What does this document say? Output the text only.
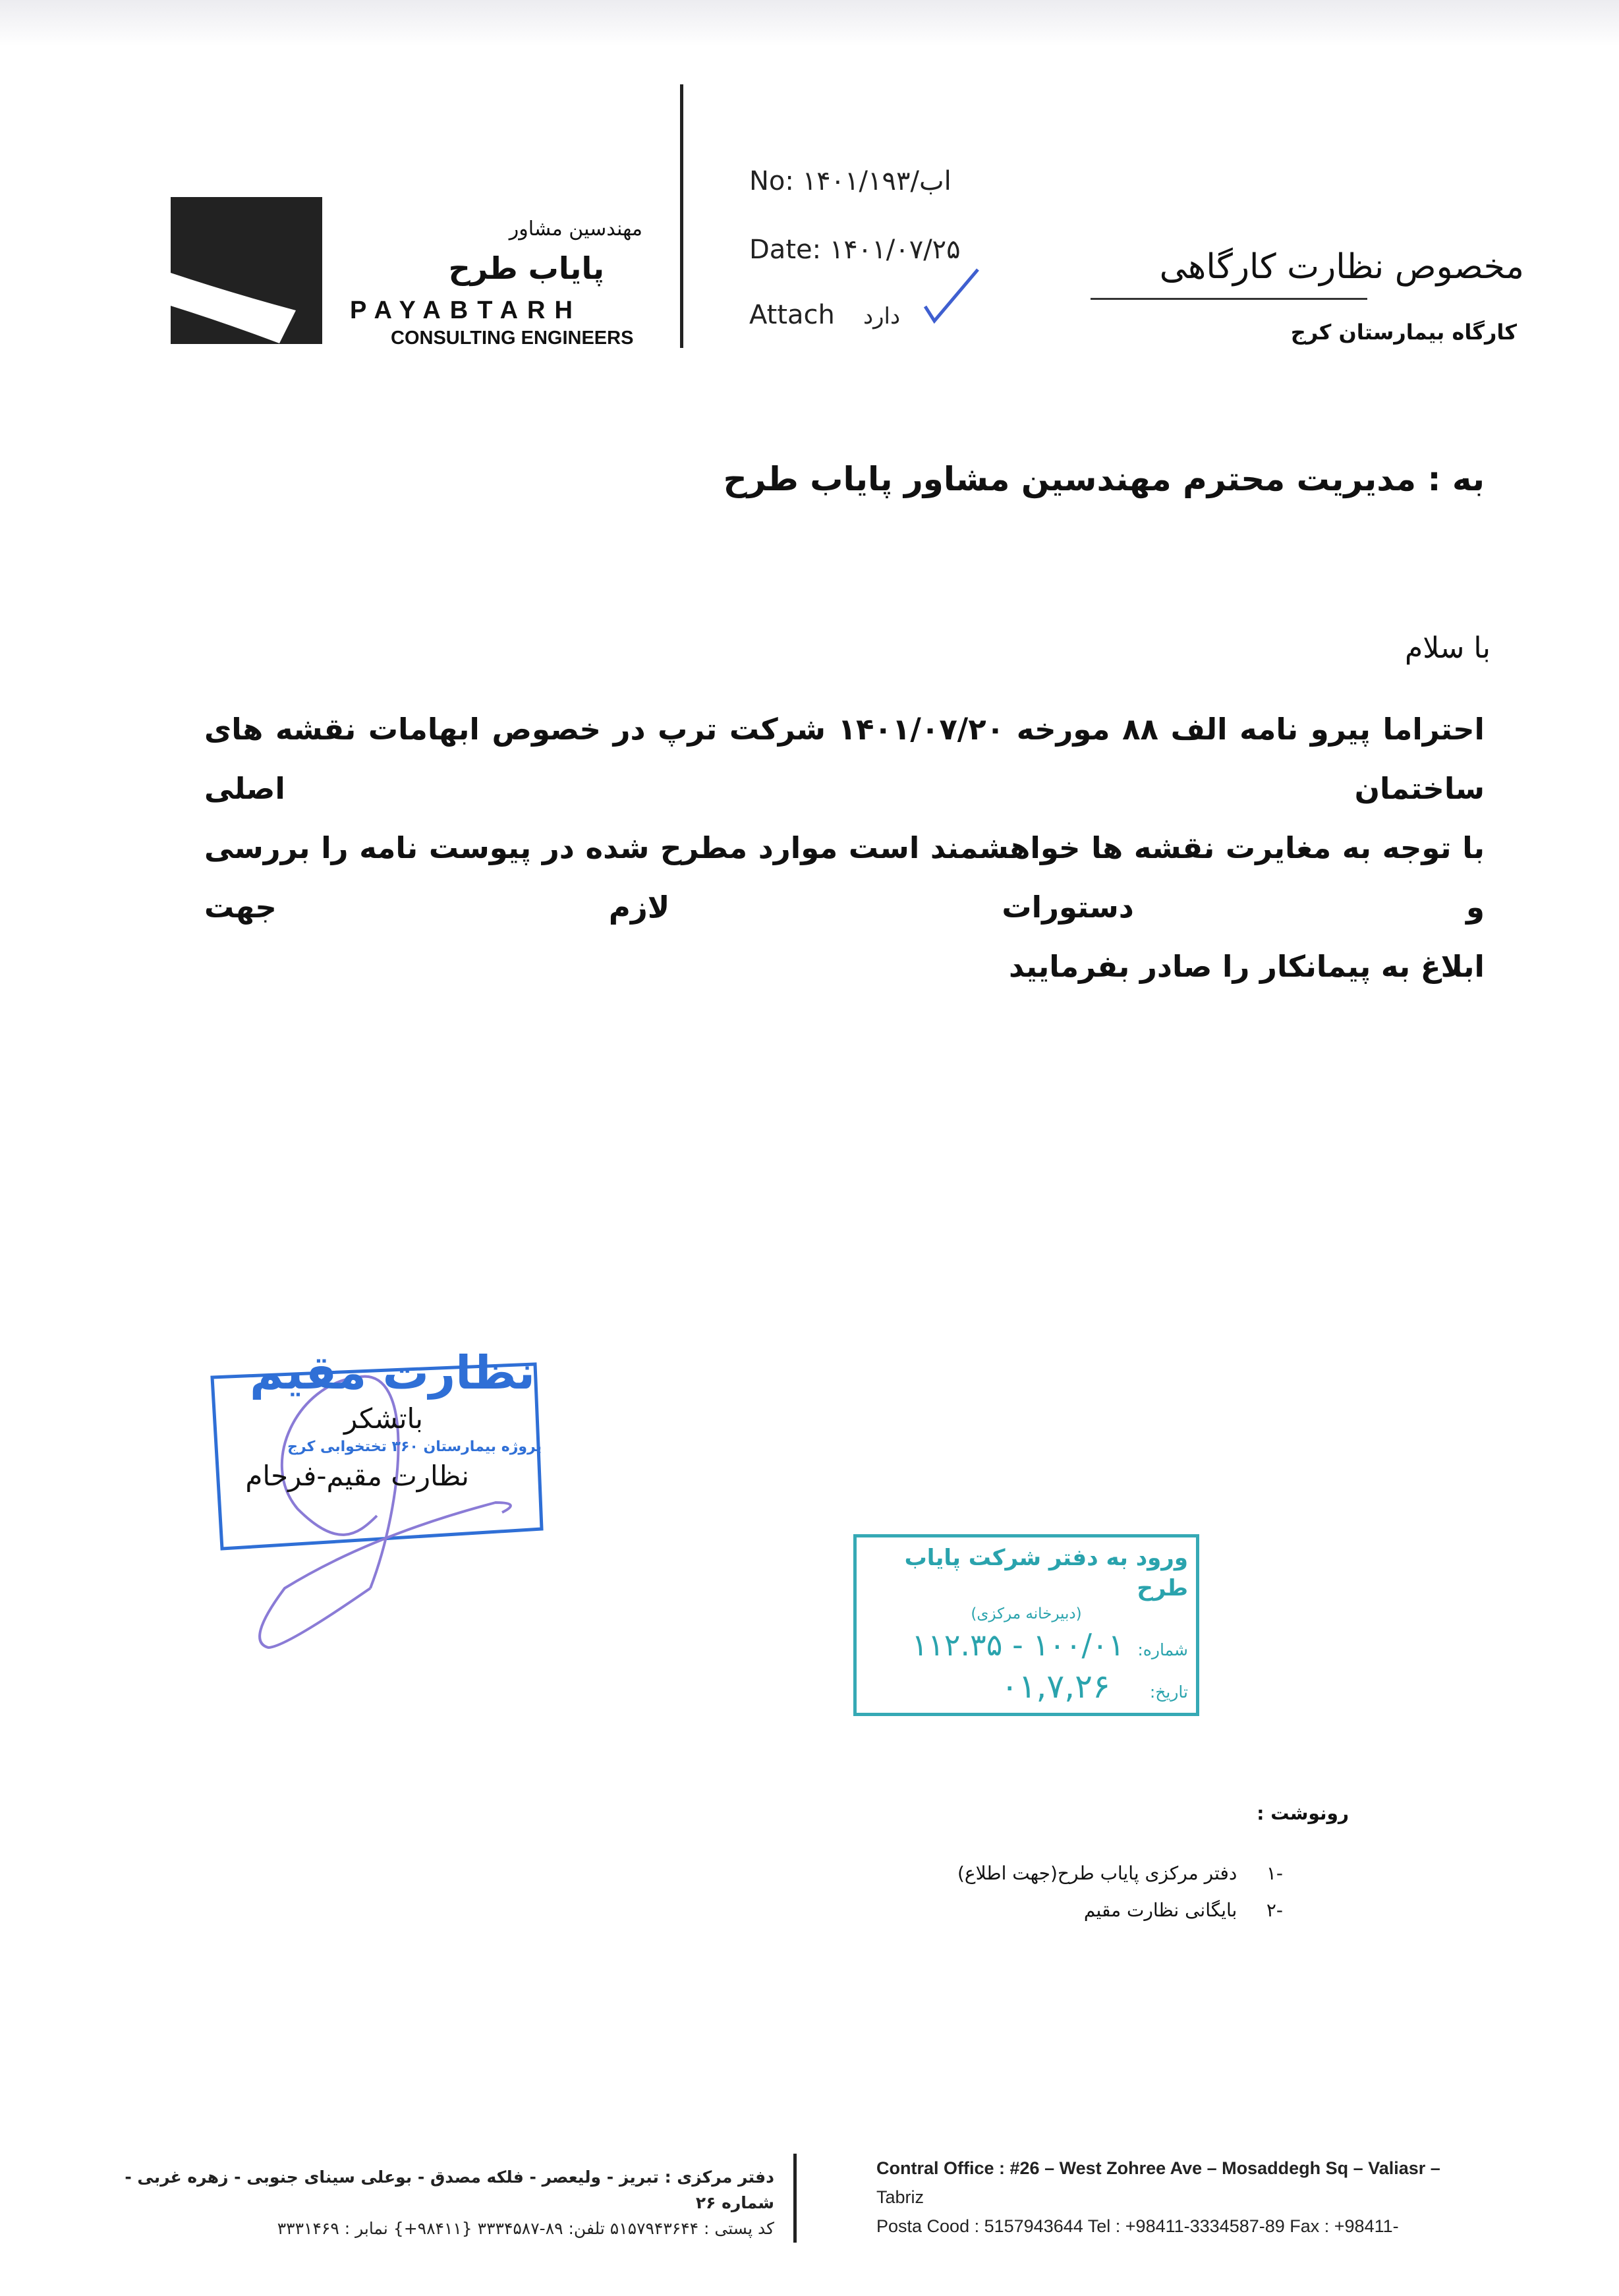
مهندسین مشاور
پایاب طرح
PAYABTARH
CONSULTING ENGINEERS
No: ۱۴۰۱/اب/۱۹۳
Date: ۱۴۰۱/۰۷/۲۵
Attach دارد
مخصوص نظارت کارگاهی
کارگاه بیمارستان کرج
به : مدیریت محترم مهندسین مشاور پایاب طرح
با سلام
احتراما پیرو نامه الف ۸۸ مورخه ۱۴۰۱/۰۷/۲۰ شرکت ترپ در خصوص ابهامات نقشه های ساختمان اصلی
با توجه به مغایرت نقشه ها خواهشمند است موارد مطرح شده در پیوست نامه را بررسی و دستورات لازم جهت
ابلاغ به پیمانکار را صادر بفرمایید
نظارت مقیم
باتشکر
پروژه بیمارستان ۳۶۰ تختخوابی کرج
نظارت مقیم-فرحام
ورود به دفتر شرکت پایاب طرح
(دبیرخانه مرکزی)
شماره:
۱۰۰/۰۱ - ۱۱۲.۳۵
تاریخ:
۰۱,۷,۲۶
رونوشت :
-۱     دفتر مرکزی پایاب طرح(جهت اطلاع)
-۲     بایگانی نظارت مقیم
دفتر مرکزی : تبریز - ولیعصر - فلکه مصدق - بوعلی سینای جنوبی - زهره غربی -
شماره ۲۶
کد پستی : ۵۱۵۷۹۴۳۶۴۴ تلفن: ۸۹-۳۳۳۴۵۸۷ {۹۸۴۱۱+} نمابر : ۳۳۳۱۴۶۹
Contral Office : #26 – West Zohree Ave – Mosaddegh Sq – Valiasr –
Tabriz
Posta Cood : 5157943644 Tel : +98411-3334587-89 Fax : +98411-
